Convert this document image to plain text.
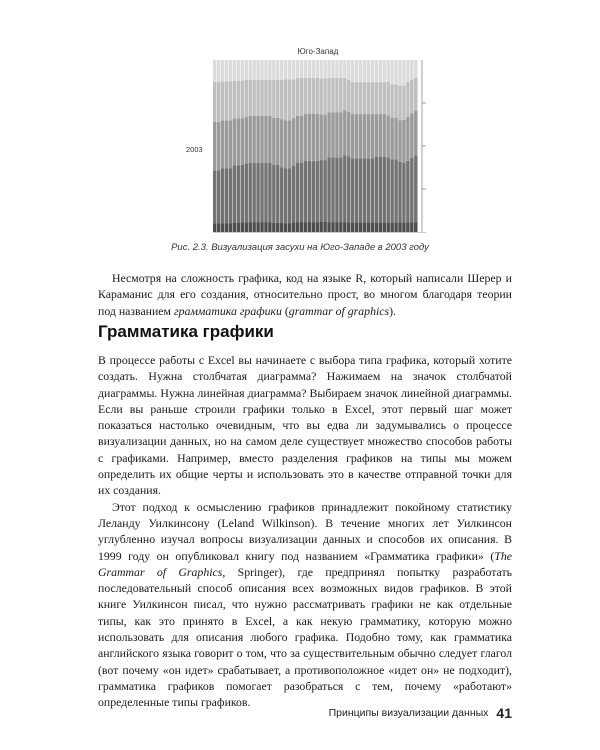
Юго-Запад
2003
Рис. 2.3. Визуализация засухи на Юго-Западе в 2003 году

Несмотря на сложность графика, код на языке R, который написали Шерер и Караманис для его создания, относительно прост, во многом благодаря теории под названием грамматика графики (grammar of graphics).

Грамматика графики

В процессе работы с Excel вы начинаете с выбора типа графика, который хотите создать. Нужна столбчатая диаграмма? Нажимаем на значок столбчатой диаграммы. Нужна линейная диаграмма? Выбираем значок линейной диаграммы. Если вы раньше строили графики только в Excel, этот первый шаг может показаться настолько очевидным, что вы едва ли задумывались о процессе визуализации данных, но на самом деле существует множество способов работы с графиками. Например, вместо разделения графиков на типы мы можем определить их общие черты и использовать это в качестве отправной точки для их создания.

Этот подход к осмыслению графиков принадлежит покойному статистику Леланду Уилкинсону (Leland Wilkinson). В течение многих лет Уилкинсон углубленно изучал вопросы визуализации данных и способов их описания. В 1999 году он опубликовал книгу под названием «Грамматика графики» (The Grammar of Graphics, Springer), где предпринял попытку разработать последовательный способ описания всех возможных видов графиков. В этой книге Уилкинсон писал, что нужно рассматривать графики не как отдельные типы, как это принято в Excel, а как некую грамматику, которую можно использовать для описания любого графика. Подобно тому, как грамматика английского языка говорит о том, что за существительным обычно следует глагол (вот почему «он идет» срабатывает, а противоположное «идет он» не подходит), грамматика графиков помогает разобраться с тем, почему «работают» определенные типы графиков.

Принципы визуализации данных 41
